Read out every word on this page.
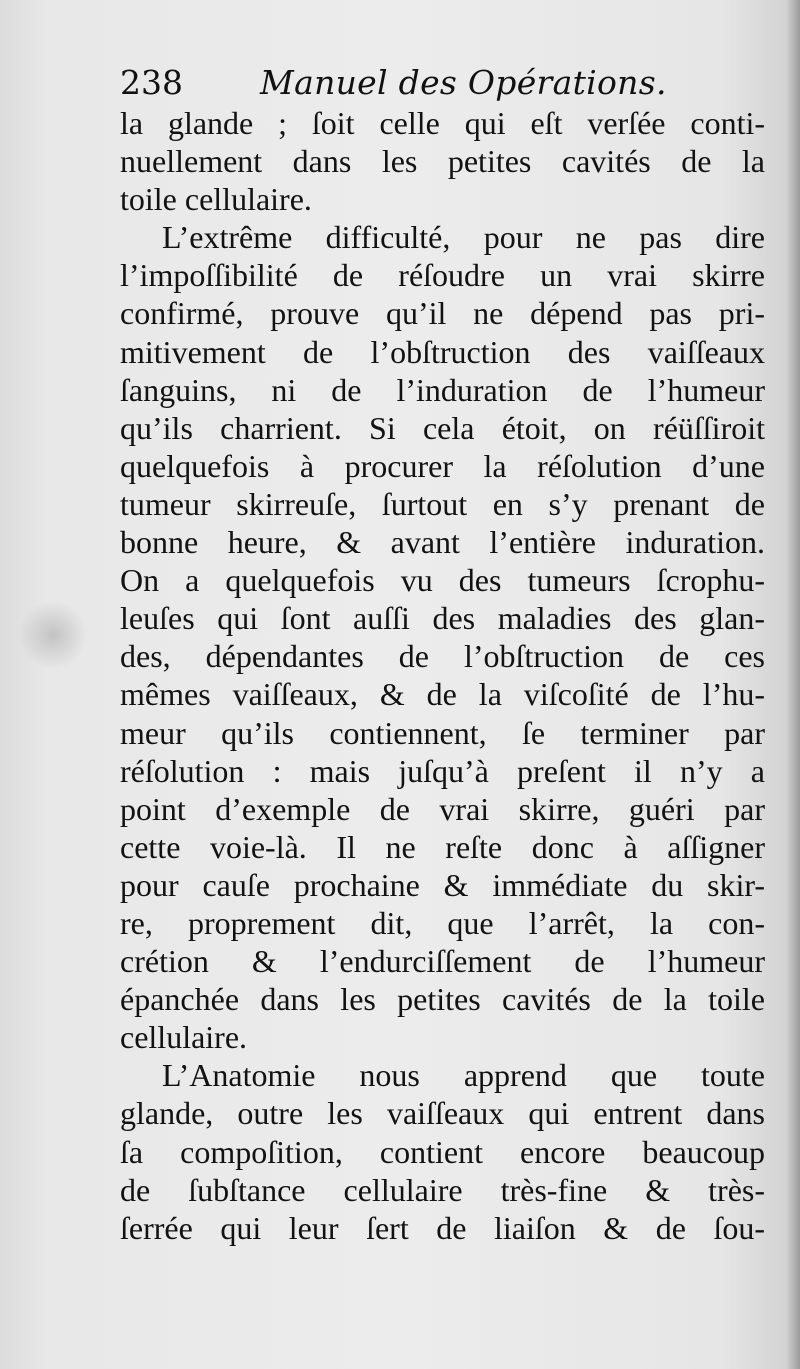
238 Manuel des Opérations.
la glande ; ſoit celle qui eſt verſée conti-
nuellement dans les petites cavités de la
toile cellulaire.
L’extrême difficulté, pour ne pas dire
l’impoſſibilité de réſoudre un vrai skirre
confirmé, prouve qu’il ne dépend pas pri-
mitivement de l’obſtruction des vaiſſeaux
ſanguins, ni de l’induration de l’humeur
qu’ils charrient. Si cela étoit, on réüſſiroit
quelquefois à procurer la réſolution d’une
tumeur skirreuſe, ſurtout en s’y prenant de
bonne heure, & avant l’entière induration.
On a quelquefois vu des tumeurs ſcrophu-
leuſes qui ſont auſſi des maladies des glan-
des, dépendantes de l’obſtruction de ces
mêmes vaiſſeaux, & de la viſcoſité de l’hu-
meur qu’ils contiennent, ſe terminer par
réſolution : mais juſqu’à preſent il n’y a
point d’exemple de vrai skirre, guéri par
cette voie-là. Il ne reſte donc à aſſigner
pour cauſe prochaine & immédiate du skir-
re, proprement dit, que l’arrêt, la con-
crétion & l’endurciſſement de l’humeur
épanchée dans les petites cavités de la toile
cellulaire.
L’Anatomie nous apprend que toute
glande, outre les vaiſſeaux qui entrent dans
ſa compoſition, contient encore beaucoup
de ſubſtance cellulaire très-fine & très-
ſerrée qui leur ſert de liaiſon & de ſou-
